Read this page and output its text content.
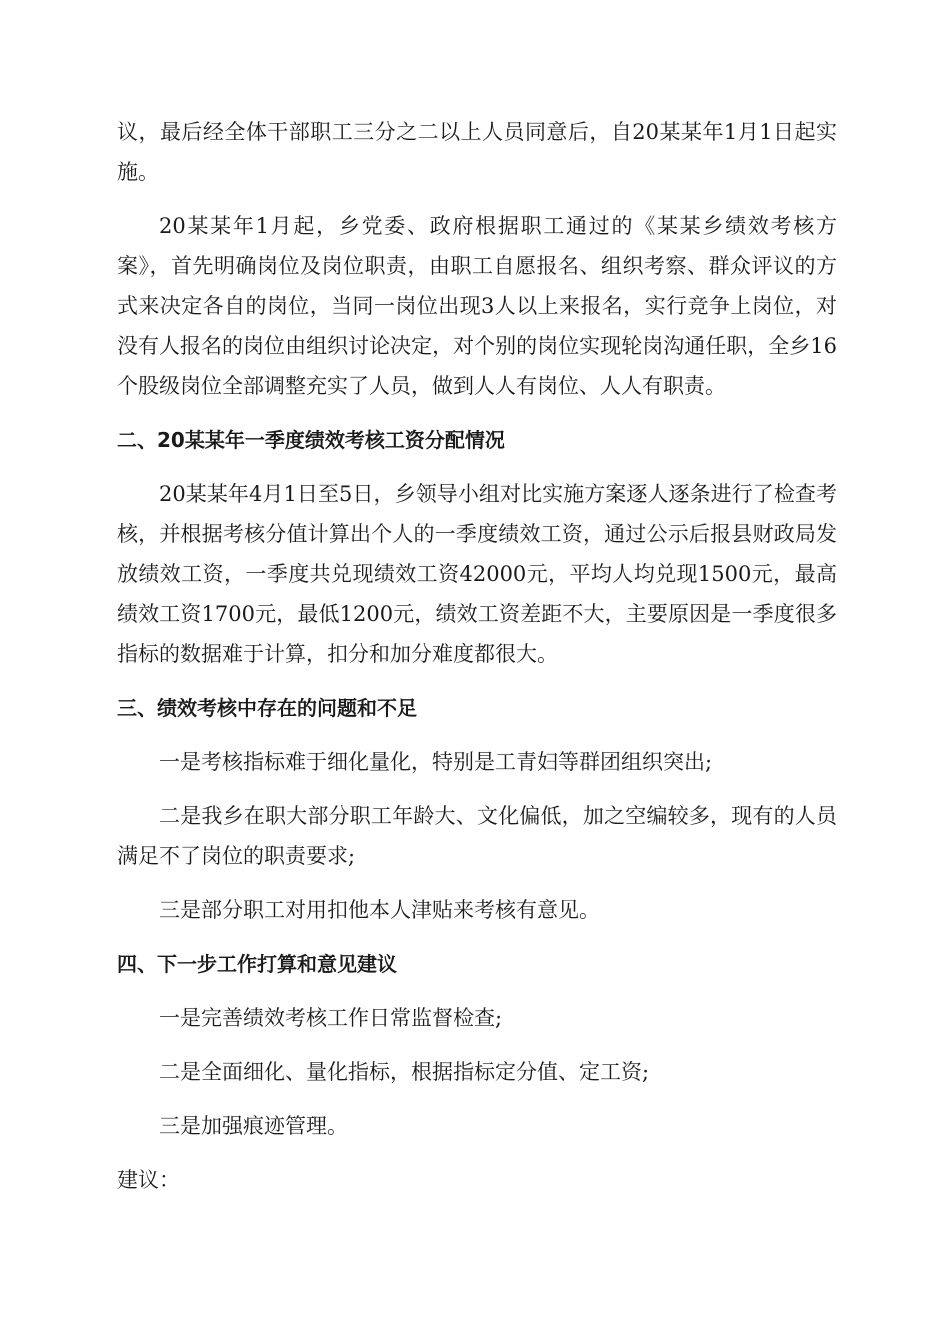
议，最后经全体干部职工三分之二以上人员同意后，自20某某年1月1日起实施。

20某某年1月起，乡党委、政府根据职工通过的《某某乡绩效考核方案》，首先明确岗位及岗位职责，由职工自愿报名、组织考察、群众评议的方式来决定各自的岗位，当同一岗位出现3人以上来报名，实行竞争上岗位，对没有人报名的岗位由组织讨论决定，对个别的岗位实现轮岗沟通任职，全乡16个股级岗位全部调整充实了人员，做到人人有岗位、人人有职责。

二、20某某年一季度绩效考核工资分配情况

20某某年4月1日至5日，乡领导小组对比实施方案逐人逐条进行了检查考核，并根据考核分值计算出个人的一季度绩效工资，通过公示后报县财政局发放绩效工资，一季度共兑现绩效工资42000元，平均人均兑现1500元，最高绩效工资1700元，最低1200元，绩效工资差距不大，主要原因是一季度很多指标的数据难于计算，扣分和加分难度都很大。

三、绩效考核中存在的问题和不足

一是考核指标难于细化量化，特别是工青妇等群团组织突出;

二是我乡在职大部分职工年龄大、文化偏低，加之空编较多，现有的人员满足不了岗位的职责要求;

三是部分职工对用扣他本人津贴来考核有意见。

四、下一步工作打算和意见建议

一是完善绩效考核工作日常监督检查;

二是全面细化、量化指标，根据指标定分值、定工资;

三是加强痕迹管理。

建议：
